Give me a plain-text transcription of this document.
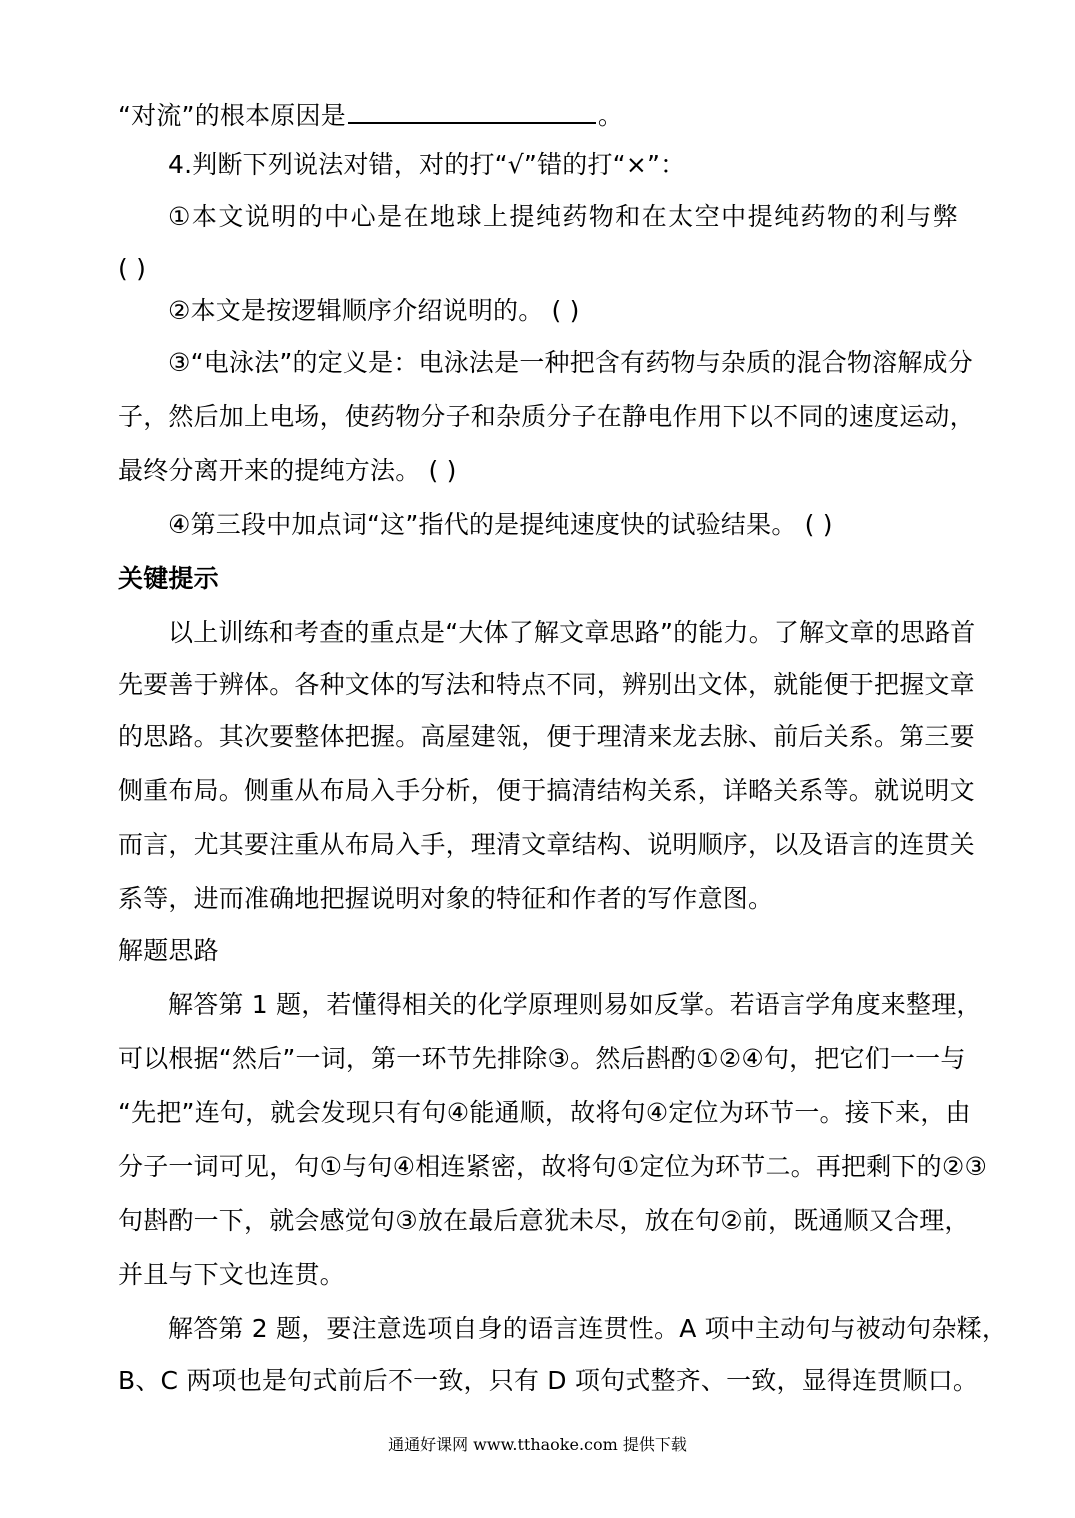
“对流”的根本原因是	。
4.判断下列说法对错，对的打“√”错的打“×”：
①本文说明的中心是在地球上提纯药物和在太空中提纯药物的利与弊
( )
②本文是按逻辑顺序介绍说明的。 ( )
③“电泳法”的定义是：电泳法是一种把含有药物与杂质的混合物溶解成分
子，然后加上电场，使药物分子和杂质分子在静电作用下以不同的速度运动，
最终分离开来的提纯方法。 ( )
④第三段中加点词“这”指代的是提纯速度快的试验结果。 ( )
关键提示
以上训练和考查的重点是“大体了解文章思路”的能力。了解文章的思路首
先要善于辨体。各种文体的写法和特点不同，辨别出文体，就能便于把握文章
的思路。其次要整体把握。高屋建瓴，便于理清来龙去脉、前后关系。第三要
侧重布局。侧重从布局入手分析，便于搞清结构关系，详略关系等。就说明文
而言，尤其要注重从布局入手，理清文章结构、说明顺序，以及语言的连贯关
系等，进而准确地把握说明对象的特征和作者的写作意图。
解题思路
解答第 1 题，若懂得相关的化学原理则易如反掌。若语言学角度来整理，
可以根据“然后”一词，第一环节先排除③。然后斟酌①②④句，把它们一一与
“先把”连句，就会发现只有句④能通顺，故将句④定位为环节一。接下来，由
分子一词可见，句①与句④相连紧密，故将句①定位为环节二。再把剩下的②③
句斟酌一下，就会感觉句③放在最后意犹未尽，放在句②前，既通顺又合理，
并且与下文也连贯。
解答第 2 题，要注意选项自身的语言连贯性。A 项中主动句与被动句杂糅，
B、C 两项也是句式前后不一致，只有 D 项句式整齐、一致，显得连贯顺口。
通通好课网 www.tthaoke.com 提供下载
